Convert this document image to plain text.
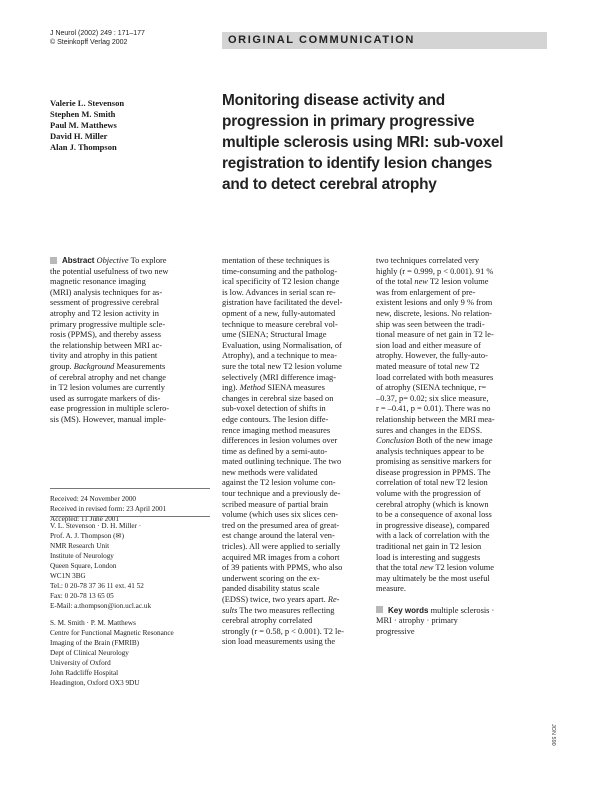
J Neurol (2002) 249 : 171–177
© Steinkopff Verlag 2002	ORIGINAL COMMUNICATION
Valerie L. Stevenson
Stephen M. Smith
Paul M. Matthews
David H. Miller
Alan J. Thompson
Monitoring disease activity and
progression in primary progressive
multiple sclerosis using MRI: sub-voxel
registration to identify lesion changes
and to detect cerebral atrophy
Abstract Objective To explore
the potential usefulness of two new
magnetic resonance imaging
(MRI) analysis techniques for as-
sessment of progressive cerebral
atrophy and T2 lesion activity in
primary progressive multiple scle-
rosis (PPMS), and thereby assess
the relationship between MRI ac-
tivity and atrophy in this patient
group. Background Measurements
of cerebral atrophy and net change
in T2 lesion volumes are currently
used as surrogate markers of dis-
ease progression in multiple sclero-
sis (MS). However, manual imple-
mentation of these techniques is
time-consuming and the patholog-
ical specificity of T2 lesion change
is low. Advances in serial scan re-
gistration have facilitated the devel-
opment of a new, fully-automated
technique to measure cerebral vol-
ume (SIENA; Structural Image
Evaluation, using Normalisation, of
Atrophy), and a technique to mea-
sure the total new T2 lesion volume
selectively (MRI difference imag-
ing). Method SIENA measures
changes in cerebral size based on
sub-voxel detection of shifts in
edge contours. The lesion diffe-
rence imaging method measures
differences in lesion volumes over
time as defined by a semi-auto-
mated outlining technique. The two
new methods were validated
against the T2 lesion volume con-
tour technique and a previously de-
scribed measure of partial brain
volume (which uses six slices cen-
tred on the presumed area of great-
est change around the lateral ven-
tricles). All were applied to serially
acquired MR images from a cohort
of 39 patients with PPMS, who also
underwent scoring on the ex-
panded disability status scale
(EDSS) twice, two years apart. Re-
sults The two measures reflecting
cerebral atrophy correlated
strongly (r = 0.58, p < 0.001). T2 le-
sion load measurements using the
two techniques correlated very
highly (r = 0.999, p < 0.001). 91 %
of the total new T2 lesion volume
was from enlargement of pre-
existent lesions and only 9 % from
new, discrete, lesions. No relation-
ship was seen between the tradi-
tional measure of net gain in T2 le-
sion load and either measure of
atrophy. However, the fully-auto-
mated measure of total new T2
load correlated with both measures
of atrophy (SIENA technique, r=
–0.37, p= 0.02; six slice measure,
r = –0.41, p = 0.01). There was no
relationship between the MRI mea-
sures and changes in the EDSS.
Conclusion Both of the new image
analysis techniques appear to be
promising as sensitive markers for
disease progression in PPMS. The
correlation of total new T2 lesion
volume with the progression of
cerebral atrophy (which is known
to be a consequence of axonal loss
in progressive disease), compared
with a lack of correlation with the
traditional net gain in T2 lesion
load is interesting and suggests
that the total new T2 lesion volume
may ultimately be the most useful
measure.
Key words multiple sclerosis ·
MRI · atrophy · primary
progressive
Received: 24 November 2000
Received in revised form: 23 April 2001
Accepted: 11 June 2001
V. L. Stevenson · D. H. Miller ·
Prof. A. J. Thompson (✉)
NMR Research Unit
Institute of Neurology
Queen Square, London
WC1N 3BG
Tel.: 0 20-78 37 36 11 ext. 41 52
Fax: 0 20-78 13 65 05
E-Mail: a.thompson@ion.ucl.ac.uk
S. M. Smith · P. M. Matthews
Centre for Functional Magnetic Resonance
Imaging of the Brain (FMRIB)
Dept of Clinical Neurology
University of Oxford
John Radcliffe Hospital
Headington, Oxford OX3 9DU
JON 590
